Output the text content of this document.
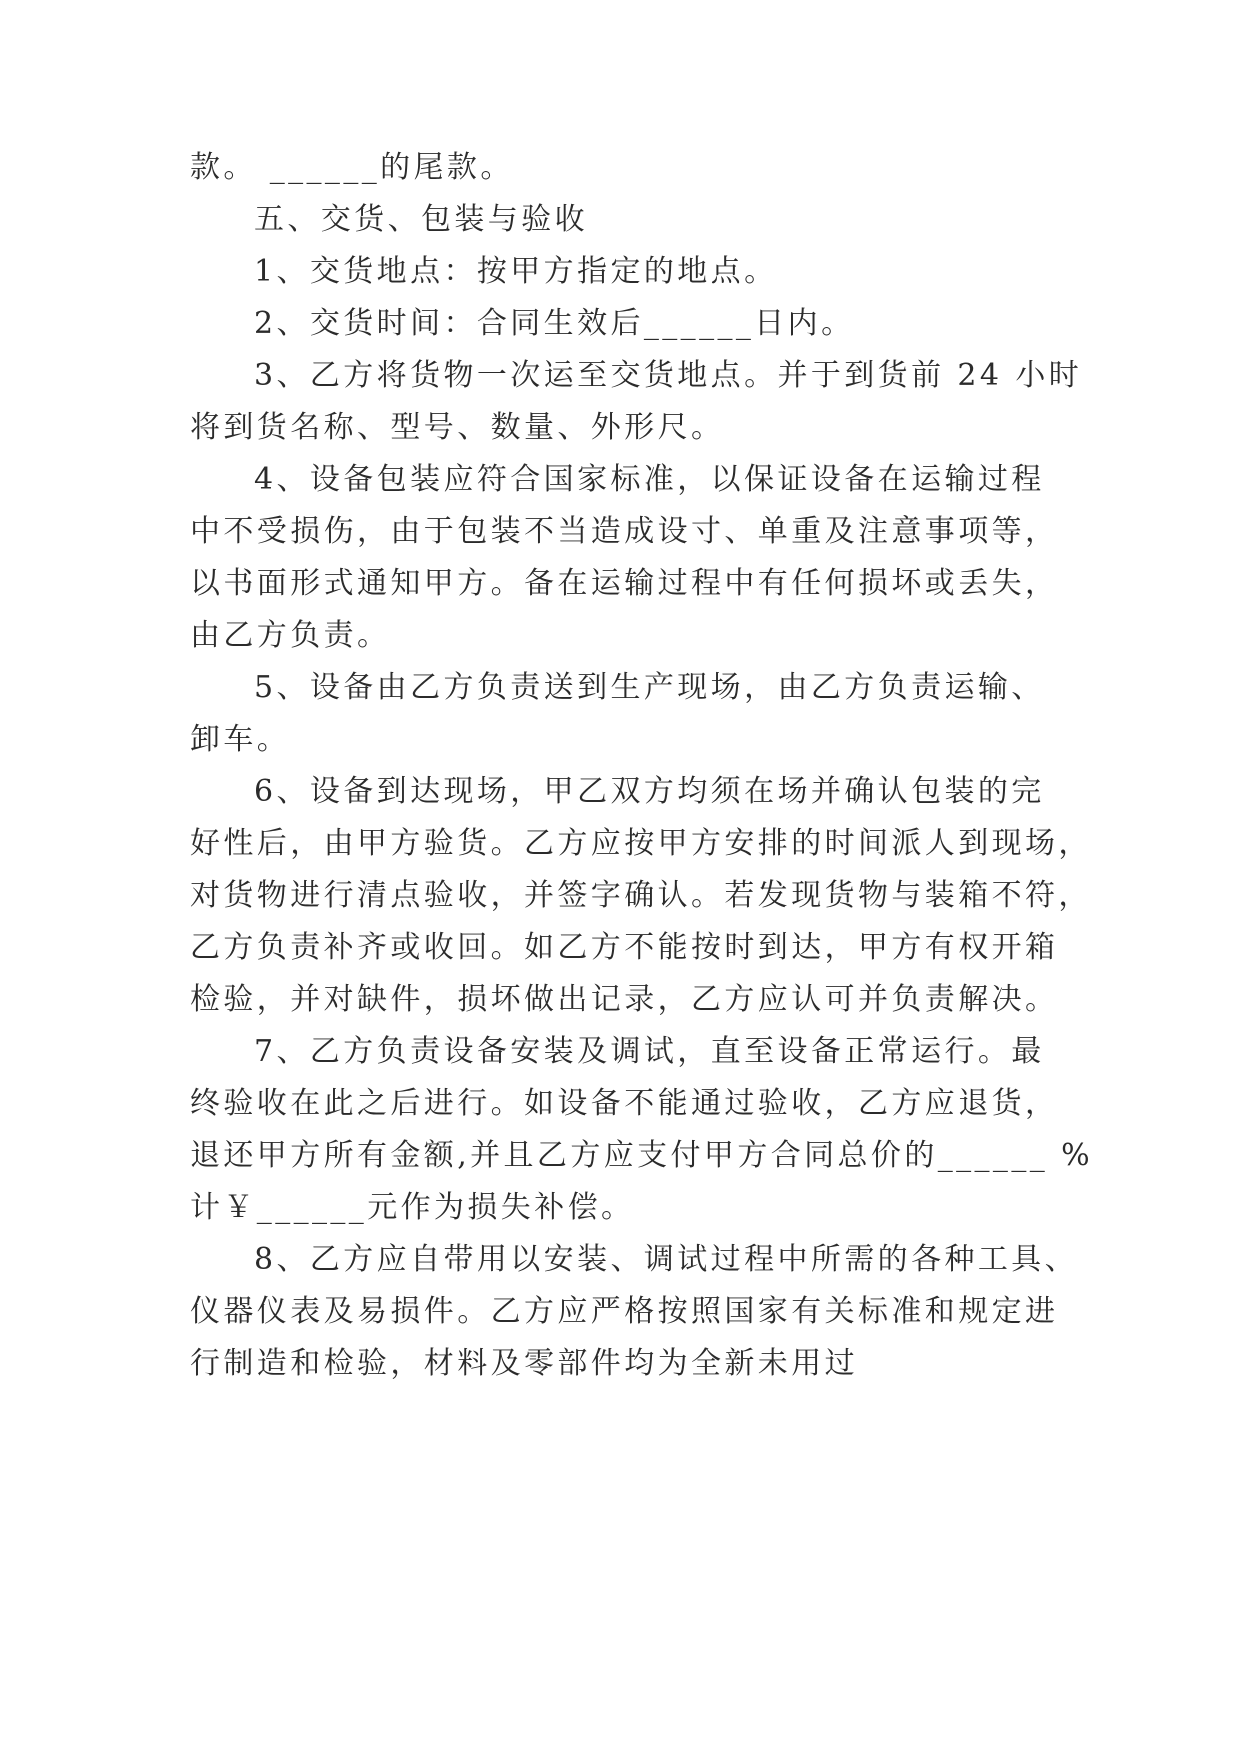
款。 ______的尾款。

五、交货、包装与验收

1、交货地点：按甲方指定的地点。

2、交货时间：合同生效后______日内。

3、乙方将货物一次运至交货地点。并于到货前 24 小时

将到货名称、型号、数量、外形尺。

4、设备包装应符合国家标准，以保证设备在运输过程

中不受损伤，由于包装不当造成设寸、单重及注意事项等，

以书面形式通知甲方。备在运输过程中有任何损坏或丢失，

由乙方负责。

5、设备由乙方负责送到生产现场，由乙方负责运输、

卸车。

6、设备到达现场，甲乙双方均须在场并确认包装的完

好性后，由甲方验货。乙方应按甲方安排的时间派人到现场，

对货物进行清点验收，并签字确认。若发现货物与装箱不符，

乙方负责补齐或收回。如乙方不能按时到达，甲方有权开箱

检验，并对缺件，损坏做出记录，乙方应认可并负责解决。

7、乙方负责设备安装及调试，直至设备正常运行。最

终验收在此之后进行。如设备不能通过验收，乙方应退货，

退还甲方所有金额,并且乙方应支付甲方合同总价的______ %

计￥______元作为损失补偿。

8、乙方应自带用以安装、调试过程中所需的各种工具、

仪器仪表及易损件。乙方应严格按照国家有关标准和规定进

行制造和检验，材料及零部件均为全新未用过
